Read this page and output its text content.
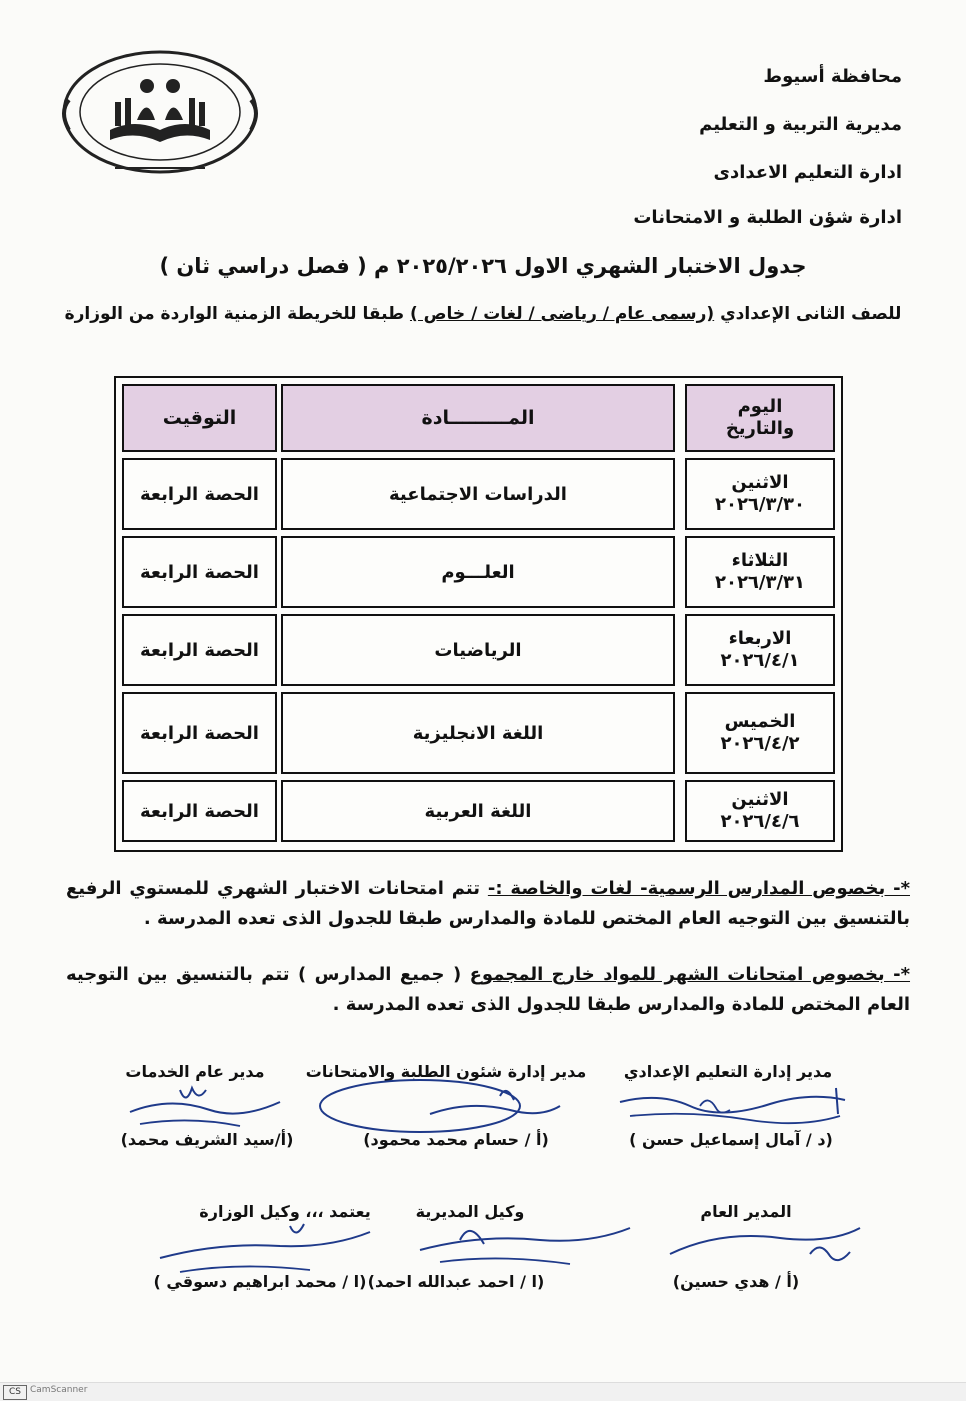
محافظة أسيوط
مديرية التربية و التعليم
ادارة التعليم الاعدادى
ادارة شؤن الطلبة و الامتحانات
جدول الاختبار الشهري الاول ٢٠٢٥/٢٠٢٦ م ( فصل دراسي ثان )
للصف الثانى الإعدادي (رسمى عام / رياضى / لغات / خاص ) طبقا للخريطة الزمنية الواردة من الوزارة
اليوم والتاريخ
المـــــــــادة
التوقيت
الاثنين
٢٠٢٦/٣/٣٠
الدراسات الاجتماعية
الحصة الرابعة
الثلاثاء
٢٠٢٦/٣/٣١
العلـــوم
الحصة الرابعة
الاربعاء
٢٠٢٦/٤/١
الرياضيات
الحصة الرابعة
الخميس
٢٠٢٦/٤/٢
اللغة الانجليزية
الحصة الرابعة
الاثنين
٢٠٢٦/٤/٦
اللغة العربية
الحصة الرابعة
*- بخصوص المدارس الرسمية- لغات والخاصة :- تتم امتحانات الاختبار الشهري للمستوي الرفيع بالتنسيق بين التوجيه العام المختص للمادة والمدارس طبقا للجدول الذى تعده المدرسة .
*- بخصوص امتحانات الشهر للمواد خارج المجموع ( جميع المدارس ) تتم بالتنسيق بين التوجيه العام المختص للمادة والمدارس طبقا للجدول الذى تعده المدرسة .
مدير إدارة التعليم الإعدادي
مدير إدارة شئون الطلبة والامتحانات
مدير عام الخدمات
(د / آمال إسماعيل حسن )
(أ / حسام محمد محمود)
(أ/سيد الشريف محمد)
المدير العام
وكيل المديرية
يعتمد ،،، وكيل الوزارة
(أ / هدي حسين)
(ا / احمد عبدالله احمد)
(ا / محمد ابراهيم دسوقي )
CS	CamScanner
